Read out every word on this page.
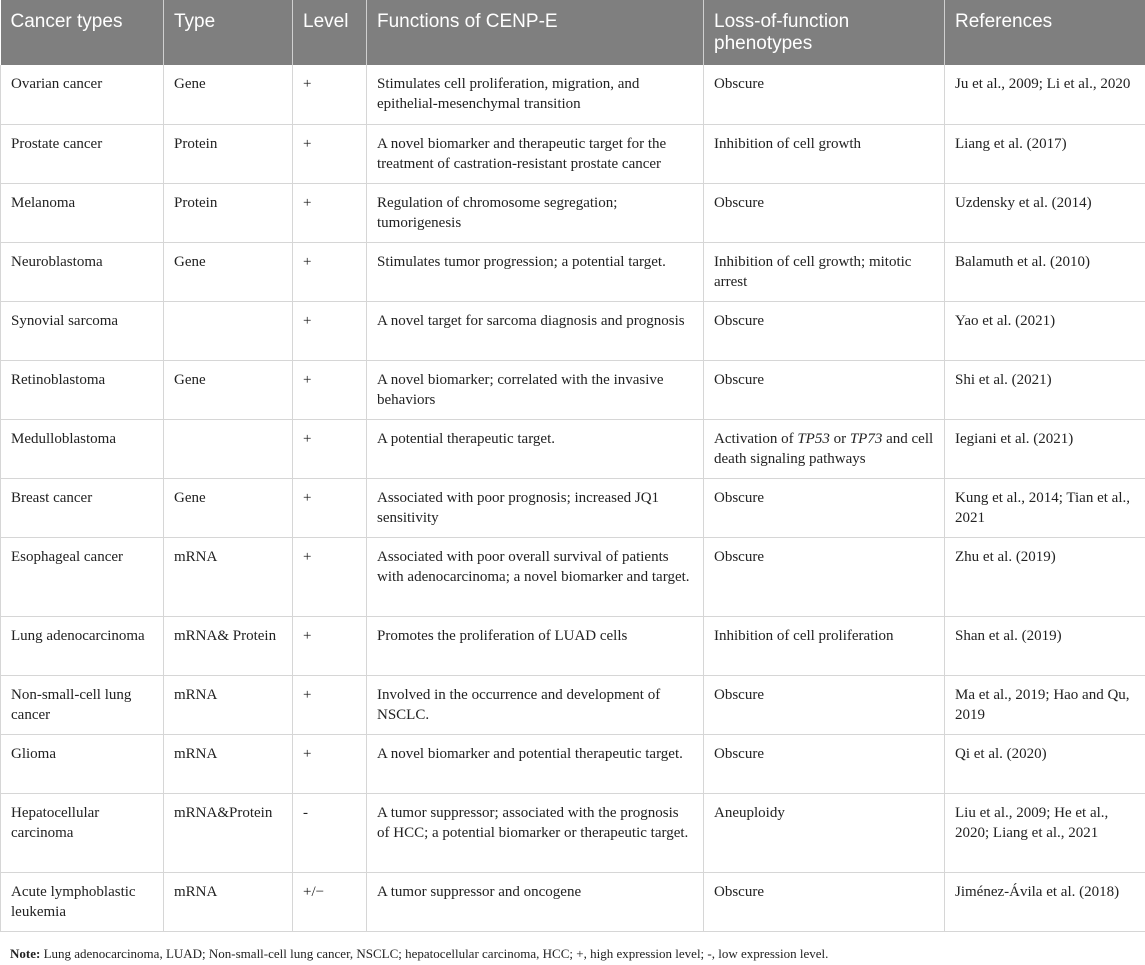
Cancer types	Type	Level	Functions of CENP-E	Loss-of-function phenotypes	References
Ovarian cancer	Gene	+	Stimulates cell proliferation, migration, and epithelial-mesenchymal transition	Obscure	Ju et al., 2009; Li et al., 2020
Prostate cancer	Protein	+	A novel biomarker and therapeutic target for the treatment of castration-resistant prostate cancer	Inhibition of cell growth	Liang et al. (2017)
Melanoma	Protein	+	Regulation of chromosome segregation; tumorigenesis	Obscure	Uzdensky et al. (2014)
Neuroblastoma	Gene	+	Stimulates tumor progression; a potential target.	Inhibition of cell growth; mitotic arrest	Balamuth et al. (2010)
Synovial sarcoma		+	A novel target for sarcoma diagnosis and prognosis	Obscure	Yao et al. (2021)
Retinoblastoma	Gene	+	A novel biomarker; correlated with the invasive behaviors	Obscure	Shi et al. (2021)
Medulloblastoma		+	A potential therapeutic target.	Activation of TP53 or TP73 and cell death signaling pathways	Iegiani et al. (2021)
Breast cancer	Gene	+	Associated with poor prognosis; increased JQ1 sensitivity	Obscure	Kung et al., 2014; Tian et al., 2021
Esophageal cancer	mRNA	+	Associated with poor overall survival of patients with adenocarcinoma; a novel biomarker and target.	Obscure	Zhu et al. (2019)
Lung adenocarcinoma	mRNA& Protein	+	Promotes the proliferation of LUAD cells	Inhibition of cell proliferation	Shan et al. (2019)
Non-small-cell lung cancer	mRNA	+	Involved in the occurrence and development of NSCLC.	Obscure	Ma et al., 2019; Hao and Qu, 2019
Glioma	mRNA	+	A novel biomarker and potential therapeutic target.	Obscure	Qi et al. (2020)
Hepatocellular carcinoma	mRNA&Protein	-	A tumor suppressor; associated with the prognosis of HCC; a potential biomarker or therapeutic target.	Aneuploidy	Liu et al., 2009; He et al., 2020; Liang et al., 2021
Acute lymphoblastic leukemia	mRNA	+/−	A tumor suppressor and oncogene	Obscure	Jiménez-Ávila et al. (2018)
Note: Lung adenocarcinoma, LUAD; Non-small-cell lung cancer, NSCLC; hepatocellular carcinoma, HCC; +, high expression level; -, low expression level.
